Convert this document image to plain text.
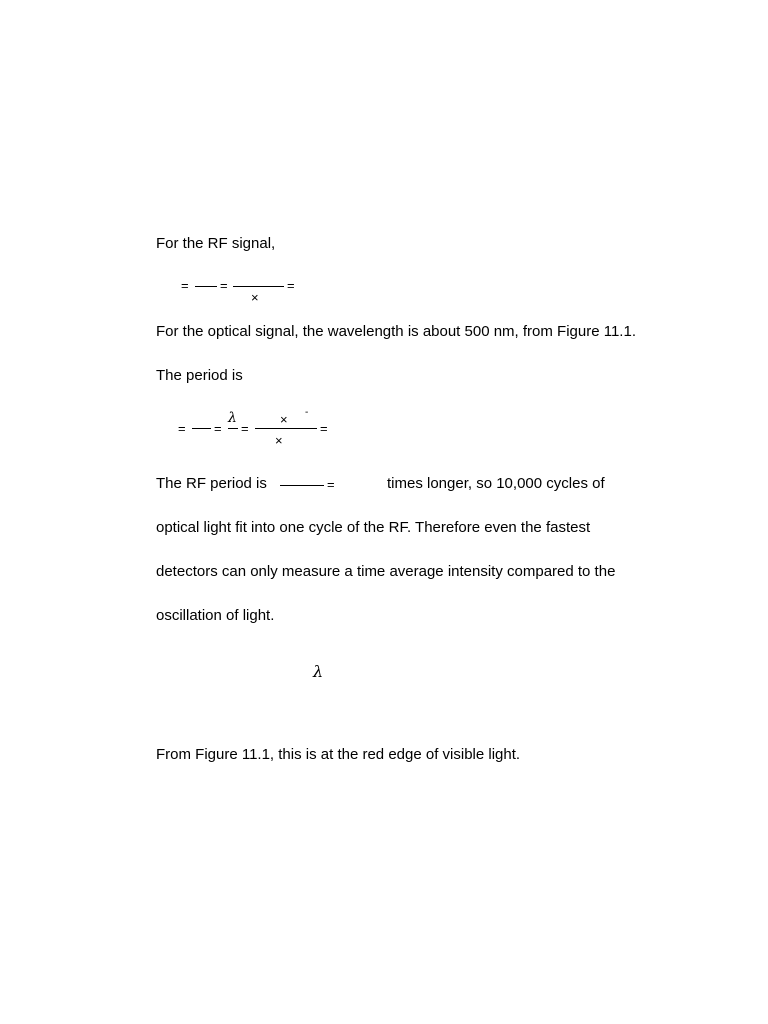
For the RF signal,
= =
×
=
For the optical signal, the wavelength is about 500 nm, from Figure 11.1.
The period is
= =
λ
=
× -
×
=
The RF period is	=	times longer, so 10,000 cycles of
optical light fit into one cycle of the RF. Therefore even the fastest
detectors can only measure a time average intensity compared to the
oscillation of light.
λ
From Figure 11.1, this is at the red edge of visible light.
